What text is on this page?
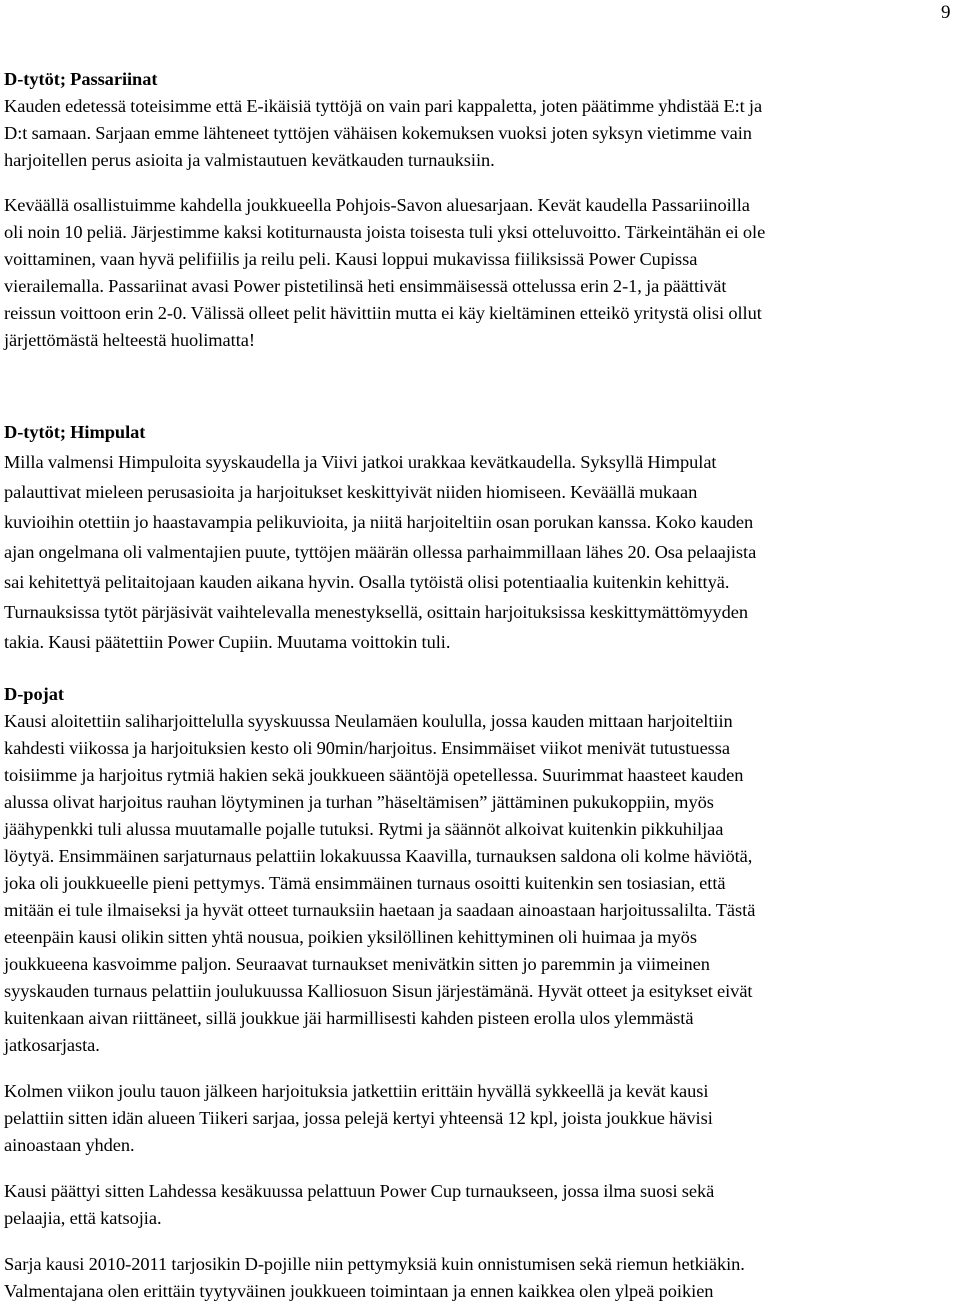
9
D-tytöt; Passariinat
Kauden edetessä toteisimme että E-ikäisiä tyttöjä on vain pari kappaletta, joten päätimme yhdistää E:t ja
D:t samaan. Sarjaan emme lähteneet tyttöjen vähäisen kokemuksen vuoksi joten syksyn vietimme vain
harjoitellen perus asioita ja valmistautuen kevätkauden turnauksiin.
Keväällä osallistuimme kahdella joukkueella Pohjois-Savon aluesarjaan. Kevät kaudella Passariinoilla
oli noin 10 peliä. Järjestimme kaksi kotiturnausta joista toisesta tuli yksi otteluvoitto. Tärkeintähän ei ole
voittaminen, vaan hyvä pelifiilis ja reilu peli. Kausi loppui mukavissa fiiliksissä Power Cupissa
vierailemalla. Passariinat avasi Power pistetilinsä heti ensimmäisessä ottelussa erin 2-1, ja päättivät
reissun voittoon erin 2-0. Välissä olleet pelit hävittiin mutta ei käy kieltäminen etteikö yritystä olisi ollut
järjettömästä helteestä huolimatta!
D-tytöt; Himpulat
Milla valmensi Himpuloita syyskaudella ja Viivi jatkoi urakkaa kevätkaudella. Syksyllä Himpulat
palauttivat mieleen perusasioita ja harjoitukset keskittyivät niiden hiomiseen. Keväällä mukaan
kuvioihin otettiin jo haastavampia pelikuvioita, ja niitä harjoiteltiin osan porukan kanssa. Koko kauden
ajan ongelmana oli valmentajien puute, tyttöjen määrän ollessa parhaimmillaan lähes 20. Osa pelaajista
sai kehitettyä pelitaitojaan kauden aikana hyvin. Osalla tytöistä olisi potentiaalia kuitenkin kehittyä.
Turnauksissa tytöt pärjäsivät vaihtelevalla menestyksellä, osittain harjoituksissa keskittymättömyyden
takia. Kausi päätettiin Power Cupiin. Muutama voittokin tuli.
D-pojat
Kausi aloitettiin saliharjoittelulla syyskuussa Neulamäen koululla, jossa kauden mittaan harjoiteltiin
kahdesti viikossa ja harjoituksien kesto oli 90min/harjoitus. Ensimmäiset viikot menivät tutustuessa
toisiimme ja harjoitus rytmiä hakien sekä joukkueen sääntöjä opetellessa. Suurimmat haasteet kauden
alussa olivat harjoitus rauhan löytyminen ja turhan ”häseltämisen” jättäminen pukukoppiin, myös
jäähypenkki tuli alussa muutamalle pojalle tutuksi. Rytmi ja säännöt alkoivat kuitenkin pikkuhiljaa
löytyä. Ensimmäinen sarjaturnaus pelattiin lokakuussa Kaavilla, turnauksen saldona oli kolme häviötä,
joka oli joukkueelle pieni pettymys. Tämä ensimmäinen turnaus osoitti kuitenkin sen tosiasian, että
mitään ei tule ilmaiseksi ja hyvät otteet turnauksiin haetaan ja saadaan ainoastaan harjoitussalilta. Tästä
eteenpäin kausi olikin sitten yhtä nousua, poikien yksilöllinen kehittyminen oli huimaa ja myös
joukkueena kasvoimme paljon. Seuraavat turnaukset menivätkin sitten jo paremmin ja viimeinen
syyskauden turnaus pelattiin joulukuussa Kalliosuon Sisun järjestämänä. Hyvät otteet ja esitykset eivät
kuitenkaan aivan riittäneet, sillä joukkue jäi harmillisesti kahden pisteen erolla ulos ylemmästä
jatkosarjasta.
Kolmen viikon joulu tauon jälkeen harjoituksia jatkettiin erittäin hyvällä sykkeellä ja kevät kausi
pelattiin sitten idän alueen Tiikeri sarjaa, jossa pelejä kertyi yhteensä 12 kpl, joista joukkue hävisi
ainoastaan yhden.
Kausi päättyi sitten Lahdessa kesäkuussa pelattuun Power Cup turnaukseen, jossa ilma suosi sekä
pelaajia, että katsojia.
Sarja kausi 2010-2011 tarjosikin D-pojille niin pettymyksiä kuin onnistumisen sekä riemun hetkiäkin.
Valmentajana olen erittäin tyytyväinen joukkueen toimintaan ja ennen kaikkea olen ylpeä poikien
